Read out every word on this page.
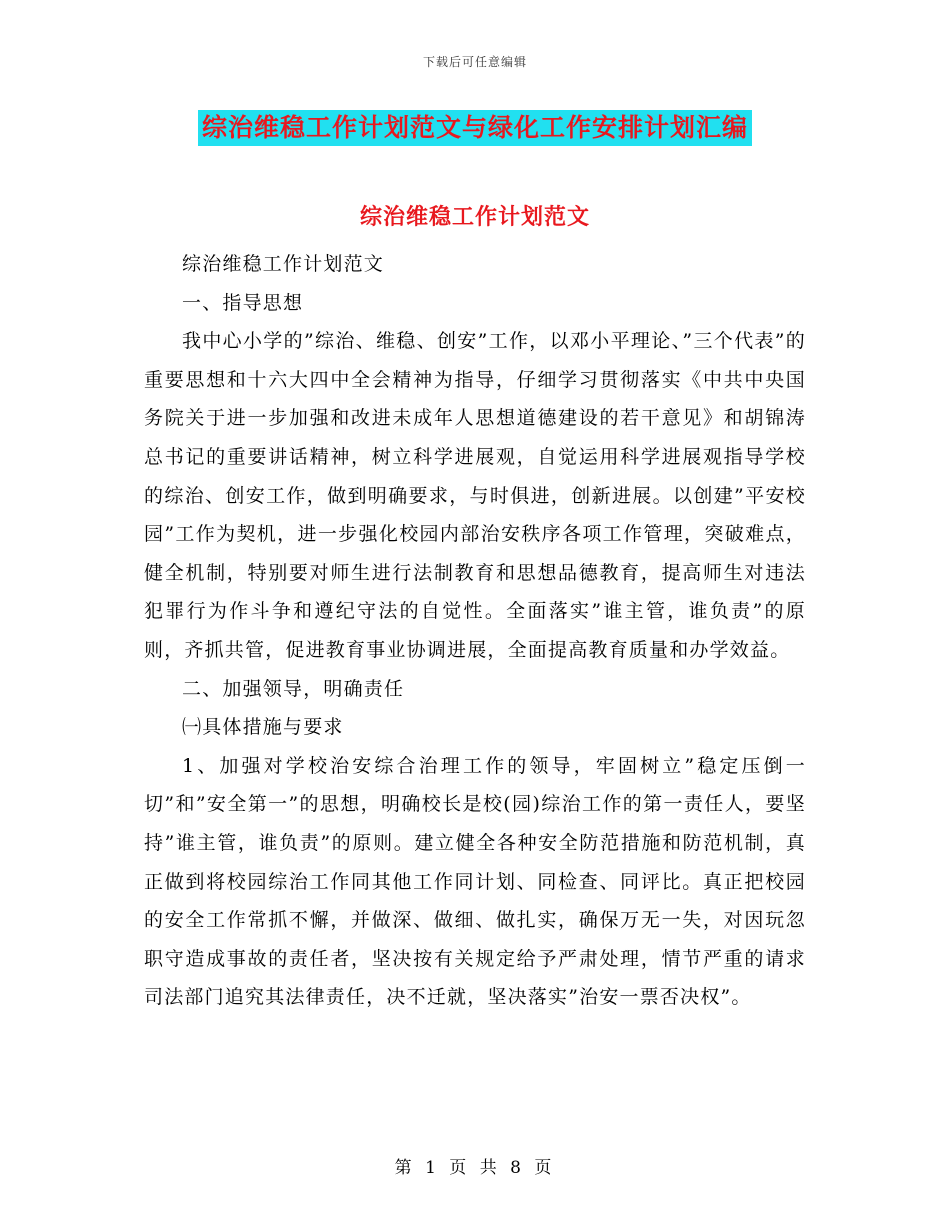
下载后可任意编辑
综治维稳工作计划范文与绿化工作安排计划汇编
综治维稳工作计划范文

综治维稳工作计划范文

一、指导思想

我中心小学的”综治、维稳、创安”工作，以邓小平理论、”三个代表”的重要思想和十六大四中全会精神为指导，仔细学习贯彻落实《中共中央国务院关于进一步加强和改进未成年人思想道德建设的若干意见》和胡锦涛总书记的重要讲话精神，树立科学进展观，自觉运用科学进展观指导学校的综治、创安工作，做到明确要求，与时俱进，创新进展。以创建”平安校园”工作为契机，进一步强化校园内部治安秩序各项工作管理，突破难点，健全机制，特别要对师生进行法制教育和思想品德教育，提高师生对违法犯罪行为作斗争和遵纪守法的自觉性。全面落实”谁主管，谁负责”的原则，齐抓共管，促进教育事业协调进展，全面提高教育质量和办学效益。

二、加强领导，明确责任

㈠具体措施与要求

1、加强对学校治安综合治理工作的领导，牢固树立”稳定压倒一切”和”安全第一”的思想，明确校长是校(园)综治工作的第一责任人，要坚持”谁主管，谁负责”的原则。建立健全各种安全防范措施和防范机制，真正做到将校园综治工作同其他工作同计划、同检查、同评比。真正把校园的安全工作常抓不懈，并做深、做细、做扎实，确保万无一失，对因玩忽职守造成事故的责任者，坚决按有关规定给予严肃处理，情节严重的请求司法部门追究其法律责任，决不迁就，坚决落实”治安一票否决权”。

第 1 页 共 8 页
